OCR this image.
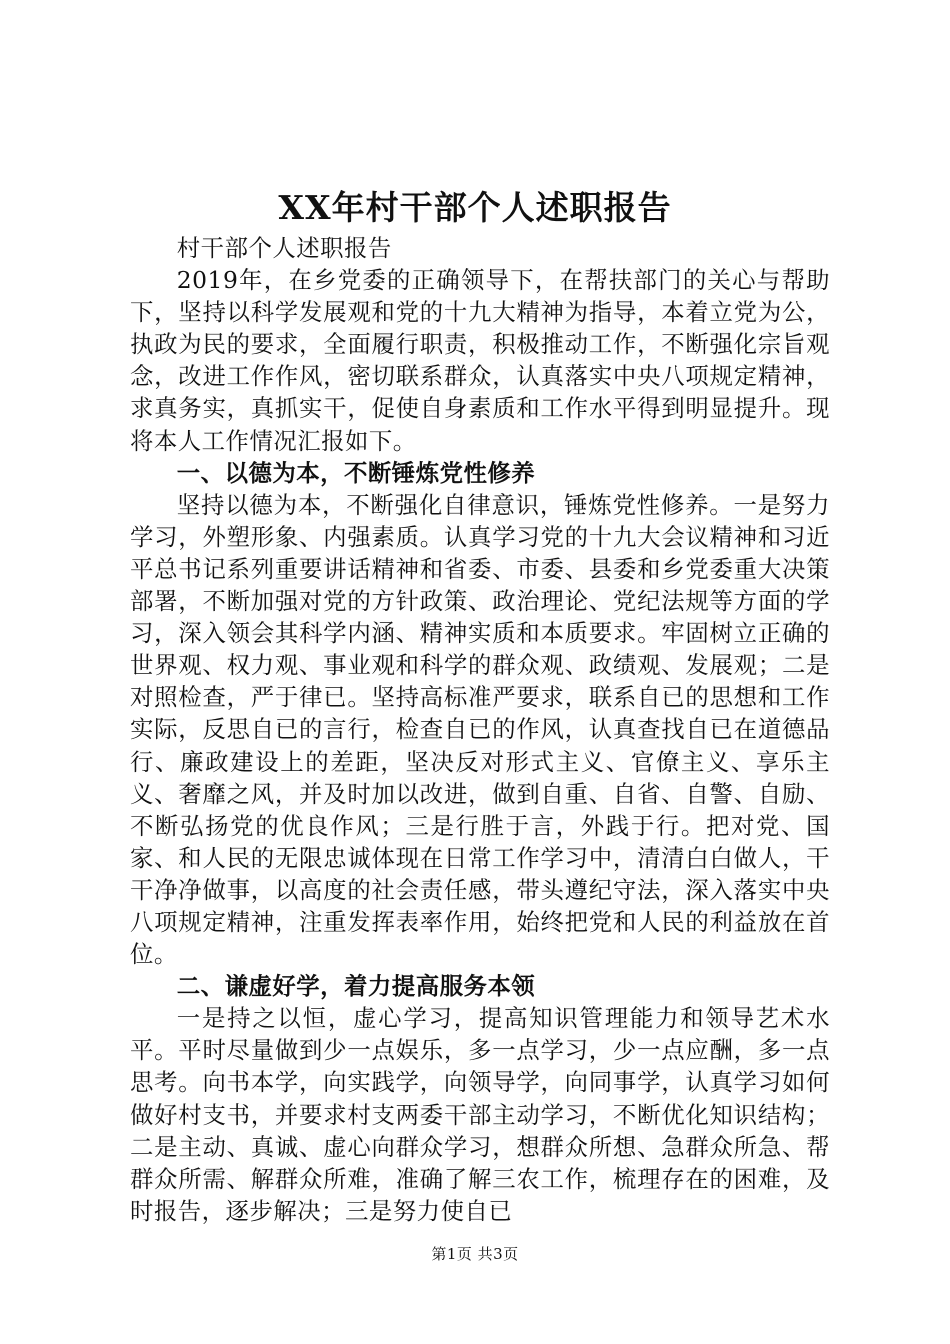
XX年村干部个人述职报告

村干部个人述职报告

2019年，在乡党委的正确领导下，在帮扶部门的关心与帮助下，坚持以科学发展观和党的十九大精神为指导，本着立党为公，执政为民的要求，全面履行职责，积极推动工作，不断强化宗旨观念，改进工作作风，密切联系群众，认真落实中央八项规定精神，求真务实，真抓实干，促使自身素质和工作水平得到明显提升。现将本人工作情况汇报如下。

一、以德为本，不断锤炼党性修养

坚持以德为本，不断强化自律意识，锤炼党性修养。一是努力学习，外塑形象、内强素质。认真学习党的十九大会议精神和习近平总书记系列重要讲话精神和省委、市委、县委和乡党委重大决策部署，不断加强对党的方针政策、政治理论、党纪法规等方面的学习，深入领会其科学内涵、精神实质和本质要求。牢固树立正确的世界观、权力观、事业观和科学的群众观、政绩观、发展观；二是对照检查，严于律已。坚持高标准严要求，联系自已的思想和工作实际，反思自已的言行，检查自已的作风，认真查找自已在道德品行、廉政建设上的差距，坚决反对形式主义、官僚主义、享乐主义、奢靡之风，并及时加以改进，做到自重、自省、自警、自励、不断弘扬党的优良作风；三是行胜于言，外践于行。把对党、国家、和人民的无限忠诚体现在日常工作学习中，清清白白做人，干干净净做事，以高度的社会责任感，带头遵纪守法，深入落实中央八项规定精神，注重发挥表率作用，始终把党和人民的利益放在首位。

二、谦虚好学，着力提高服务本领

一是持之以恒，虚心学习，提高知识管理能力和领导艺术水平。平时尽量做到少一点娱乐，多一点学习，少一点应酬，多一点思考。向书本学，向实践学，向领导学，向同事学，认真学习如何做好村支书，并要求村支两委干部主动学习，不断优化知识结构；二是主动、真诚、虚心向群众学习，想群众所想、急群众所急、帮群众所需、解群众所难，准确了解三农工作，梳理存在的困难，及时报告，逐步解决；三是努力使自已

第1页 共3页
